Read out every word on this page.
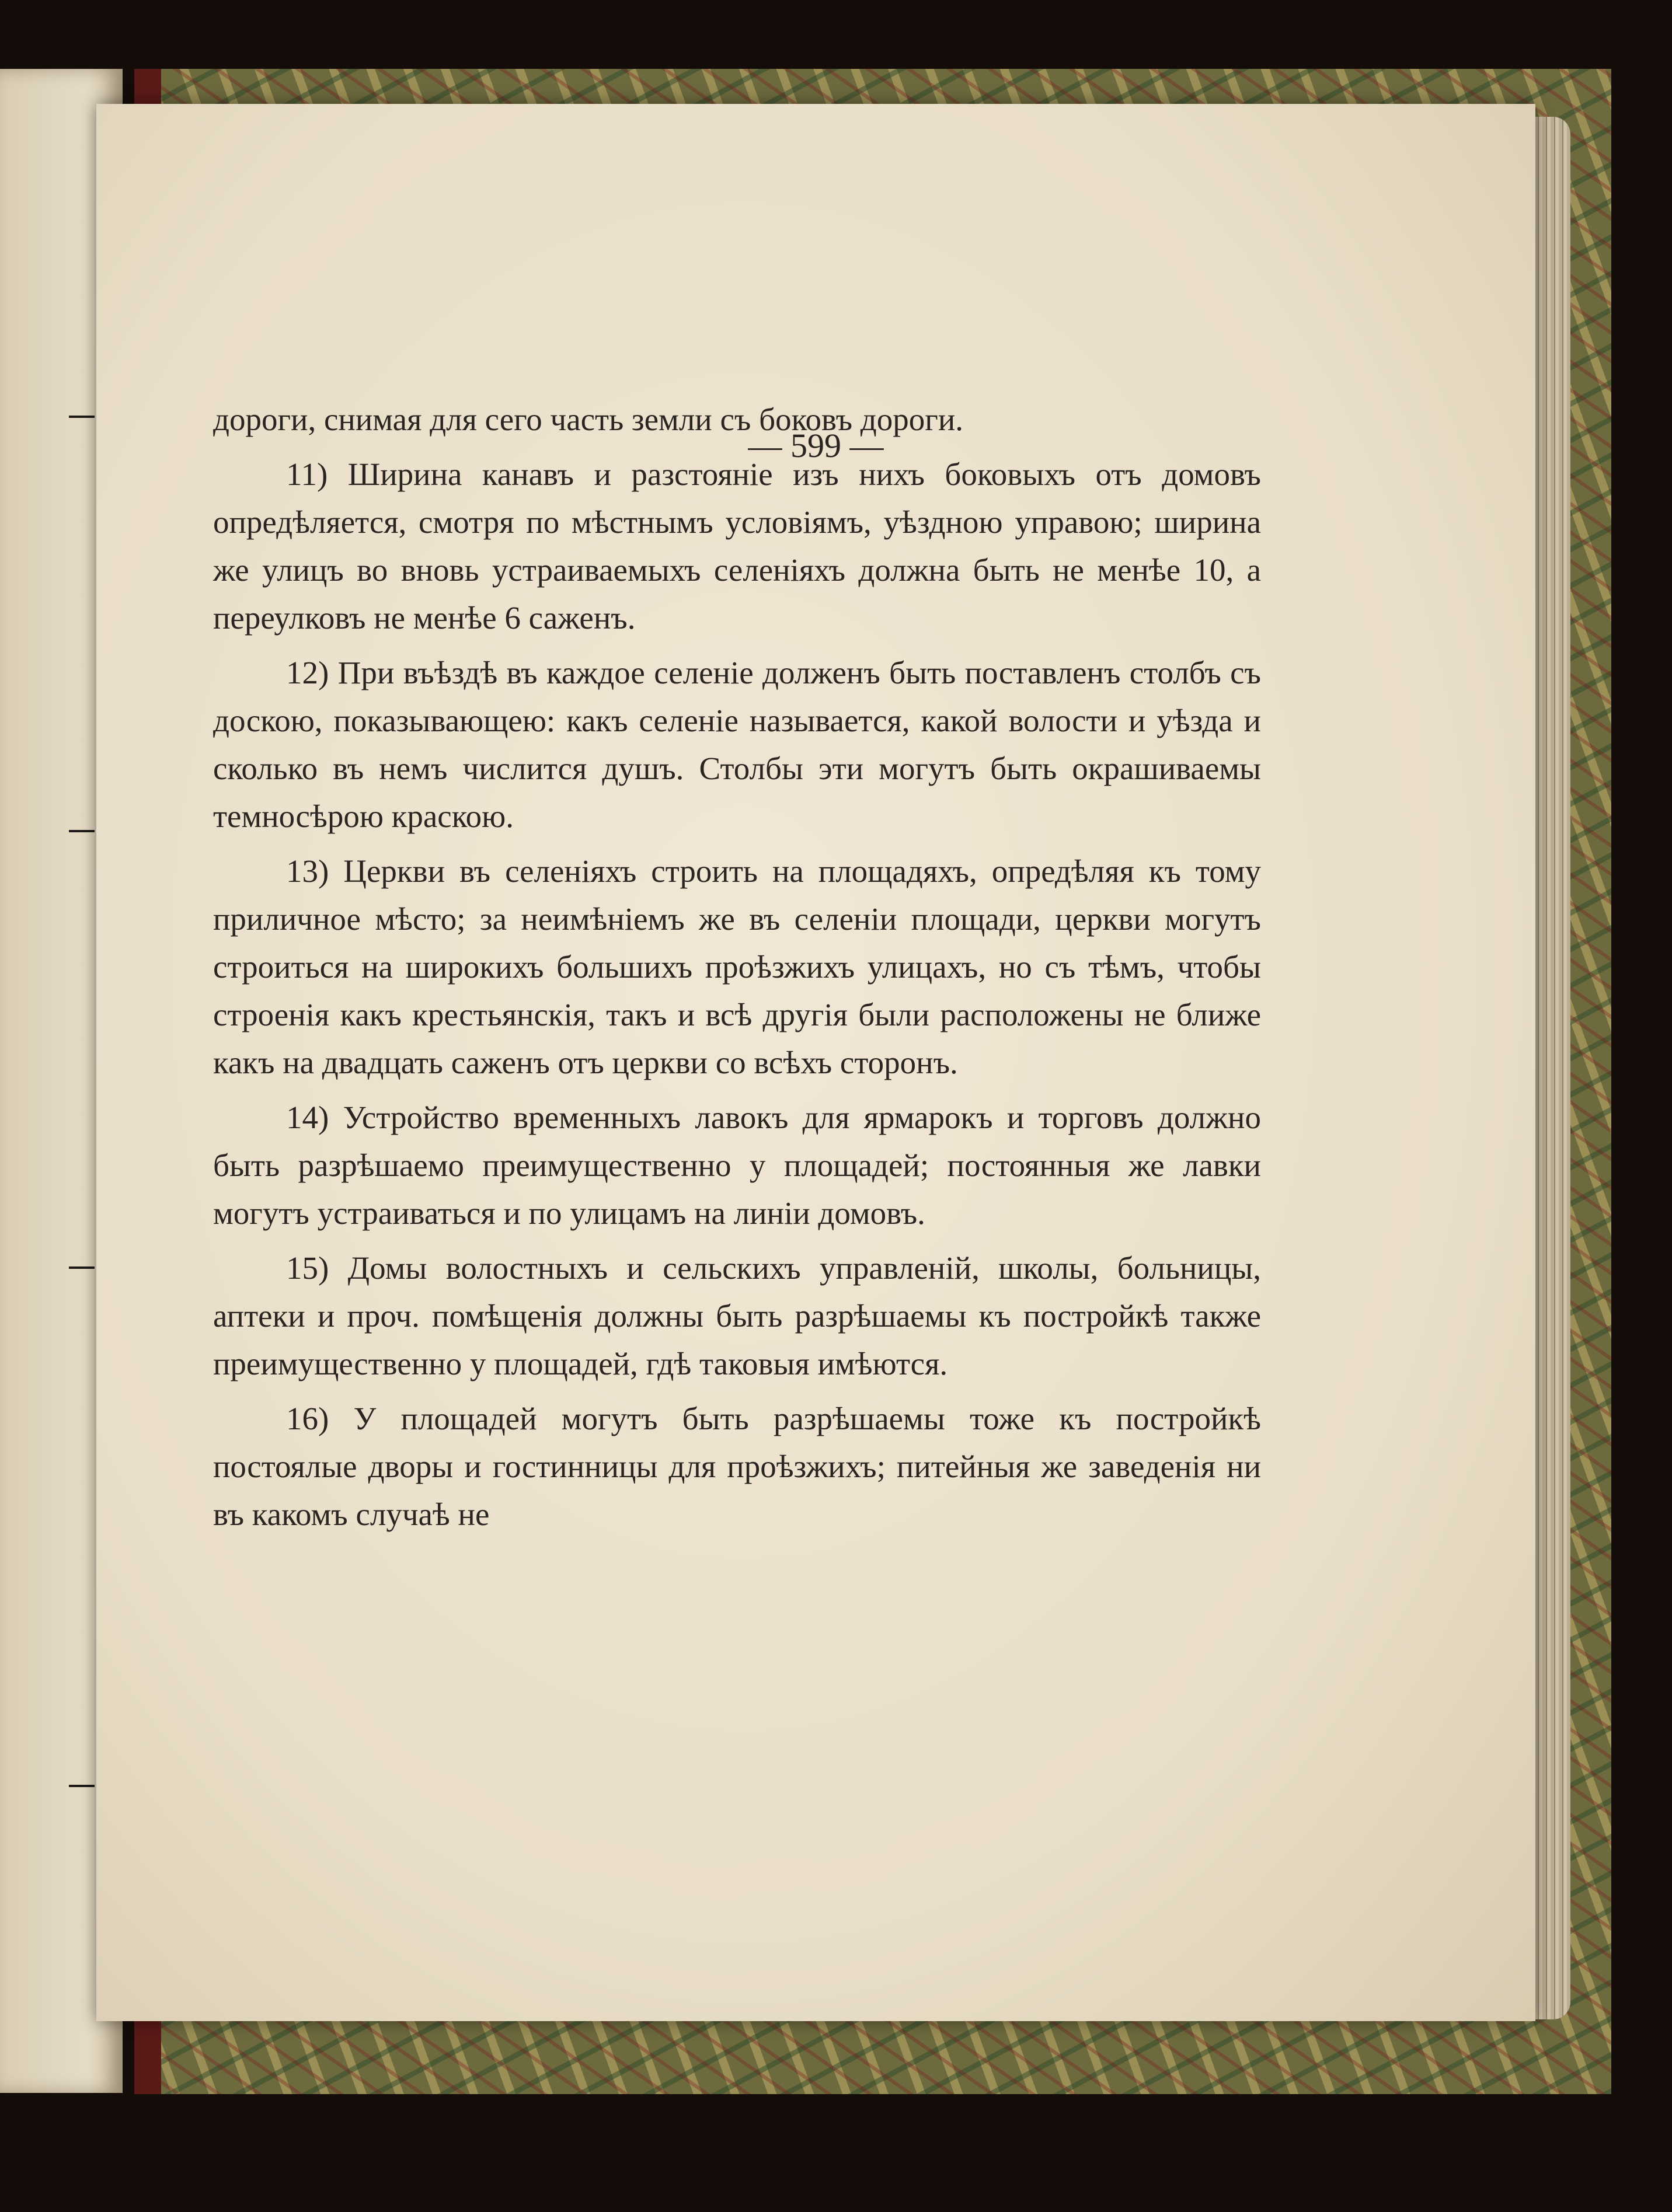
— 599 —

дороги, снимая для сего часть земли съ боковъ дороги.

11) Ширина канавъ и разстояніе изъ нихъ боковыхъ отъ домовъ опредѣляется, смотря по мѣстнымъ условіямъ, уѣздною управою; ширина же улицъ во вновь устраиваемыхъ селеніяхъ должна быть не менѣе 10, а переулковъ не менѣе 6 саженъ.

12) При въѣздѣ въ каждое селеніе долженъ быть поставленъ столбъ съ доскою, показывающею: какъ селеніе называется, какой волости и уѣзда и сколько въ немъ числится душъ. Столбы эти могутъ быть окрашиваемы темносѣрою краскою.

13) Церкви въ селеніяхъ строить на площадяхъ, опредѣляя къ тому приличное мѣсто; за неимѣніемъ же въ селеніи площади, церкви могутъ строиться на широкихъ большихъ проѣзжихъ улицахъ, но съ тѣмъ, чтобы строенія какъ крестьянскія, такъ и всѣ другія были расположены не ближе какъ на двадцать саженъ отъ церкви со всѣхъ сторонъ.

14) Устройство временныхъ лавокъ для ярмарокъ и торговъ должно быть разрѣшаемо преимущественно у площадей; постоянныя же лавки могутъ устраиваться и по улицамъ на линіи домовъ.

15) Домы волостныхъ и сельскихъ управленій, школы, больницы, аптеки и проч. помѣщенія должны быть разрѣшаемы къ постройкѣ также преимущественно у площадей, гдѣ таковыя имѣются.

16) У площадей могутъ быть разрѣшаемы тоже къ постройкѣ постоялые дворы и гостинницы для проѣзжихъ; питейныя же заведенія ни въ какомъ случаѣ не
